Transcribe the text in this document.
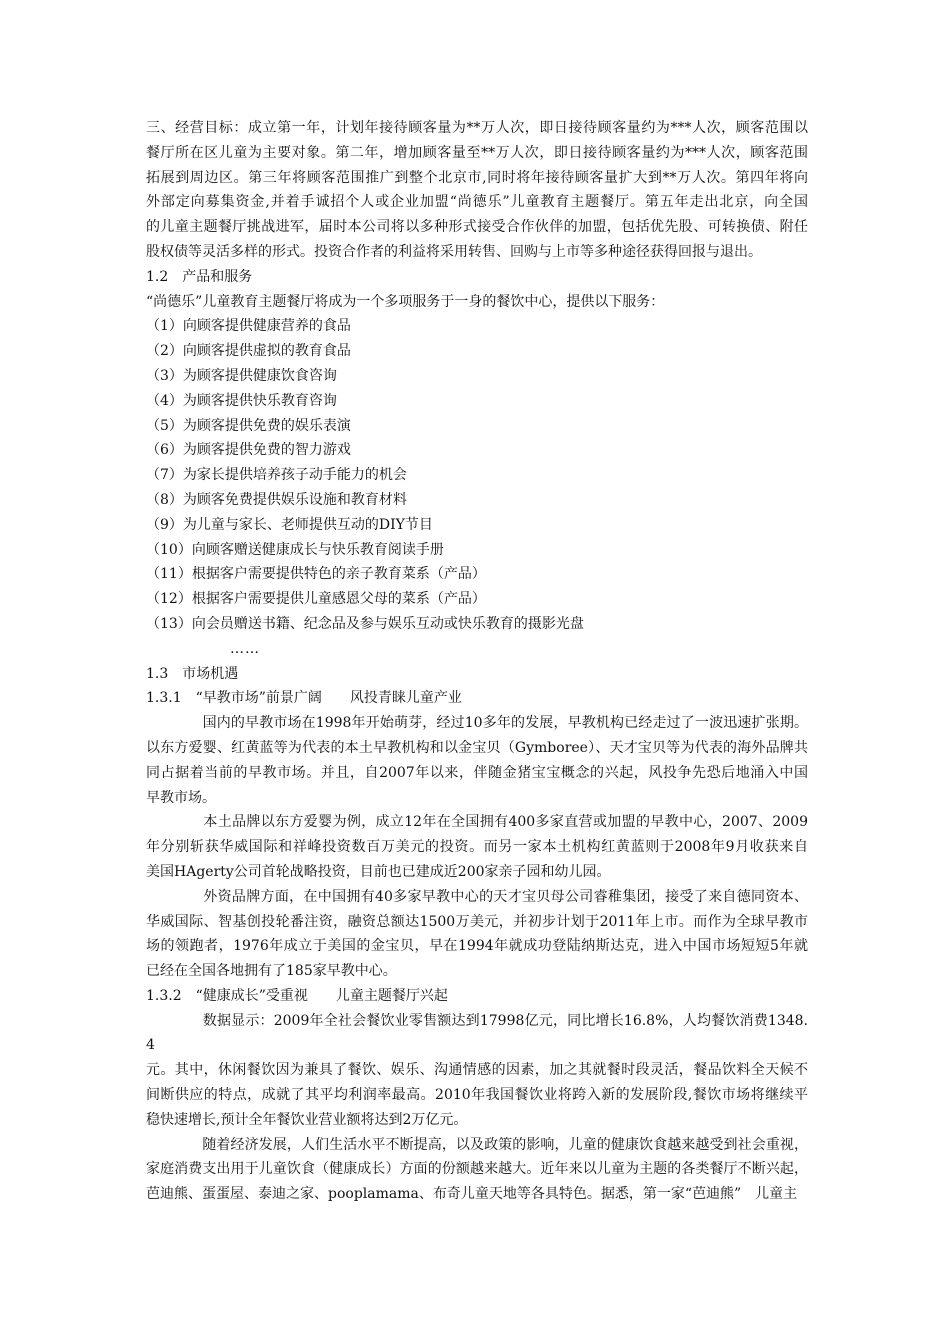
三、经营目标：成立第一年，计划年接待顾客量为**万人次，即日接待顾客量约为***人次，顾客范围以
餐厅所在区儿童为主要对象。第二年，增加顾客量至**万人次，即日接待顾客量约为***人次，顾客范围
拓展到周边区。第三年将顾客范围推广到整个北京市,同时将年接待顾客量扩大到**万人次。第四年将向
外部定向募集资金,并着手诚招个人或企业加盟“尚德乐”儿童教育主题餐厅。第五年走出北京，向全国
的儿童主题餐厅挑战进军，届时本公司将以多种形式接受合作伙伴的加盟，包括优先股、可转换债、附任
股权债等灵活多样的形式。投资合作者的利益将采用转售、回购与上市等多种途径获得回报与退出。
1.2　产品和服务
“尚德乐”儿童教育主题餐厅将成为一个多项服务于一身的餐饮中心，提供以下服务：
（1）向顾客提供健康营养的食品
（2）向顾客提供虚拟的教育食品
（3）为顾客提供健康饮食咨询
（4）为顾客提供快乐教育咨询
（5）为顾客提供免费的娱乐表演
（6）为顾客提供免费的智力游戏
（7）为家长提供培养孩子动手能力的机会
（8）为顾客免费提供娱乐设施和教育材料
（9）为儿童与家长、老师提供互动的DIY节目
（10）向顾客赠送健康成长与快乐教育阅读手册
（11）根据客户需要提供特色的亲子教育菜系（产品）
（12）根据客户需要提供儿童感恩父母的菜系（产品）
（13）向会员赠送书籍、纪念品及参与娱乐互动或快乐教育的摄影光盘
……
1.3　市场机遇
1.3.1　“早教市场”前景广阔　　风投青睐儿童产业
　　　　国内的早教市场在1998年开始萌芽，经过10多年的发展，早教机构已经走过了一波迅速扩张期。
以东方爱婴、红黄蓝等为代表的本土早教机构和以金宝贝（Gymboree）、天才宝贝等为代表的海外品牌共
同占据着当前的早教市场。并且，自2007年以来，伴随金猪宝宝概念的兴起，风投争先恐后地涌入中国
早教市场。
　　　　本土品牌以东方爱婴为例，成立12年在全国拥有400多家直营或加盟的早教中心，2007、2009
年分别斩获华威国际和祥峰投资数百万美元的投资。而另一家本土机构红黄蓝则于2008年9月收获来自
美国HAgerty公司首轮战略投资，目前也已建成近200家亲子园和幼儿园。
　　　　外资品牌方面，在中国拥有40多家早教中心的天才宝贝母公司睿稚集团，接受了来自德同资本、
华威国际、智基创投轮番注资，融资总额达1500万美元，并初步计划于2011年上市。而作为全球早教市
场的领跑者，1976年成立于美国的金宝贝，早在1994年就成功登陆纳斯达克，进入中国市场短短5年就
已经在全国各地拥有了185家早教中心。
1.3.2　“健康成长”受重视　　儿童主题餐厅兴起
　　　　数据显示：2009年全社会餐饮业零售额达到17998亿元，同比增长16.8%，人均餐饮消费1348.4
元。其中，休闲餐饮因为兼具了餐饮、娱乐、沟通情感的因素，加之其就餐时段灵活，餐品饮料全天候不
间断供应的特点，成就了其平均利润率最高。2010年我国餐饮业将跨入新的发展阶段,餐饮市场将继续平
稳快速增长,预计全年餐饮业营业额将达到2万亿元。
　　　　随着经济发展，人们生活水平不断提高，以及政策的影响，儿童的健康饮食越来越受到社会重视，
家庭消费支出用于儿童饮食（健康成长）方面的份额越来越大。近年来以儿童为主题的各类餐厅不断兴起，
芭迪熊、蛋蛋屋、泰迪之家、pooplamama、布奇儿童天地等各具特色。据悉，第一家“芭迪熊”　儿童主
